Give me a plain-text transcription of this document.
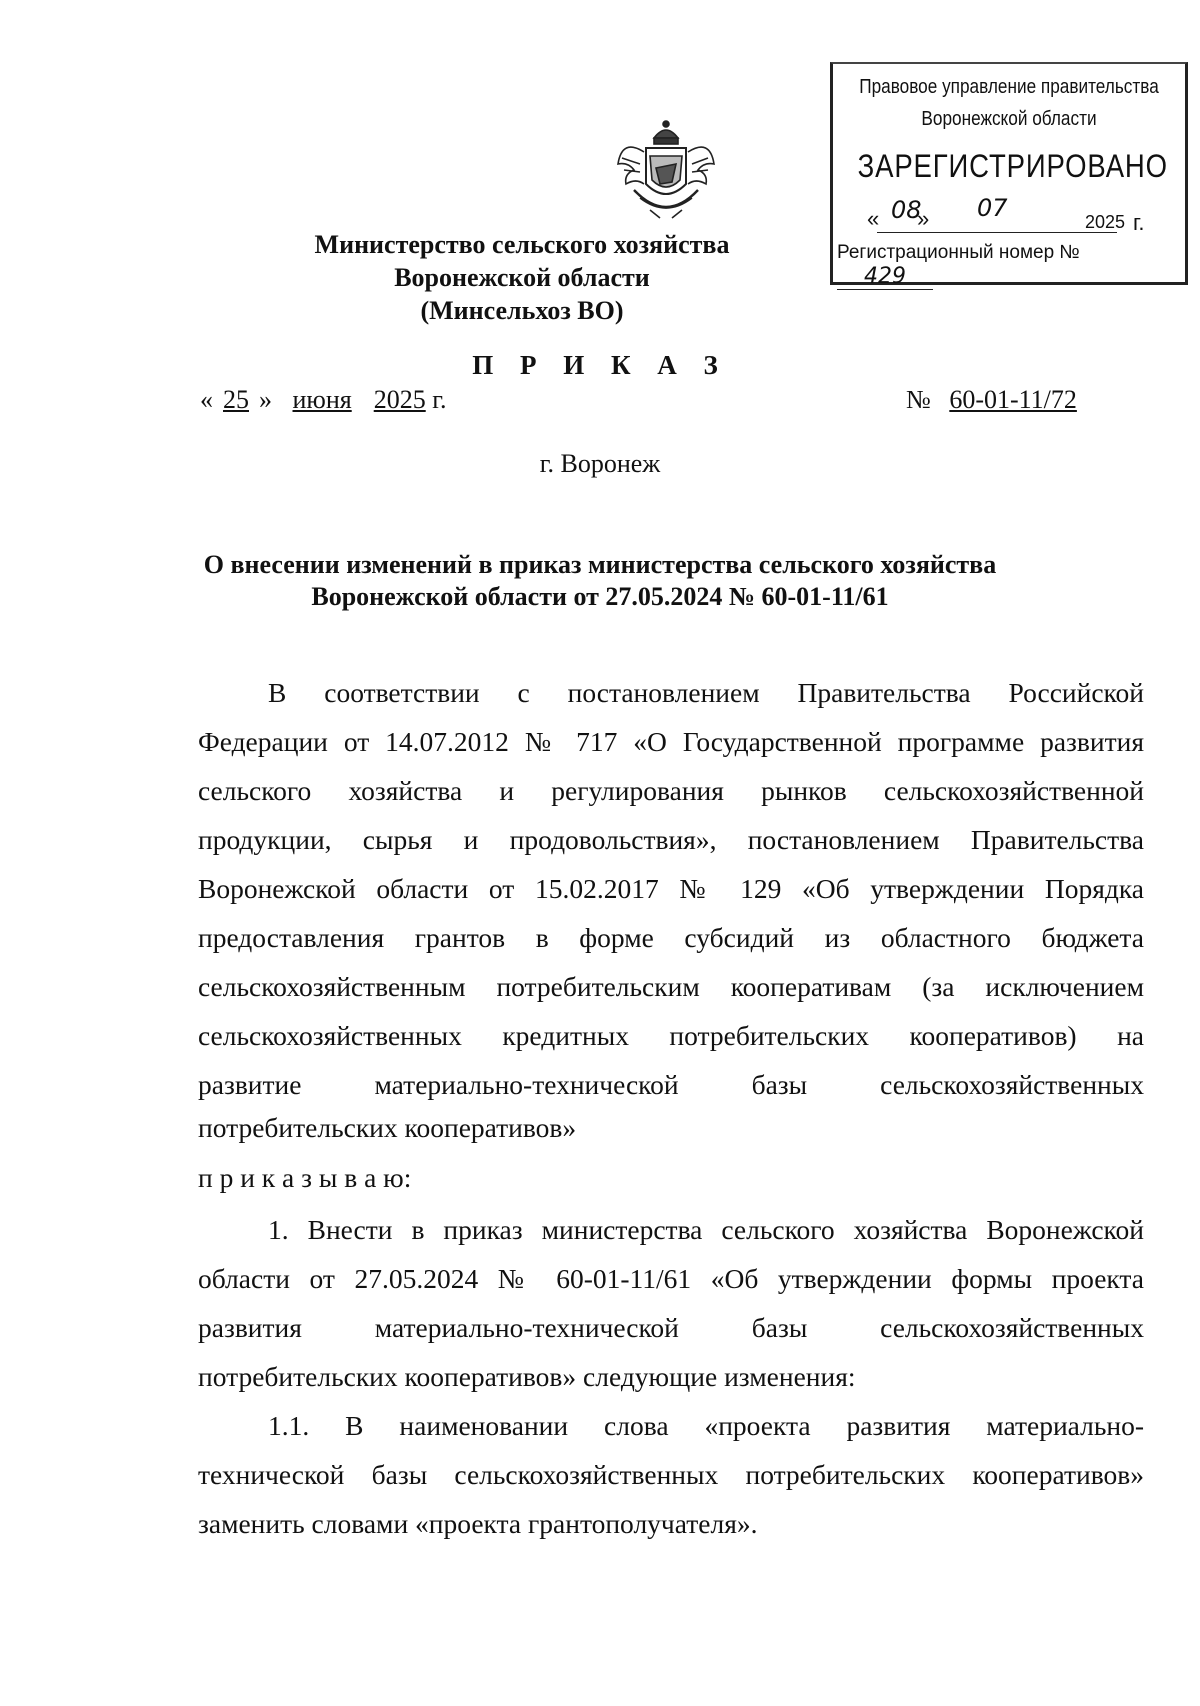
Министерство сельского хозяйства
Воронежской области
(Минсельхоз ВО)
Правовое управление правительства
Воронежской области
ЗАРЕГИСТРИРОВАНО
« 08
» 07	2025 г.
Регистрационный номер № 429
П Р И К А З
« 25 » июня 2025 г.	№ 60-01-11/72
г. Воронеж
О внесении изменений в приказ министерства сельского хозяйства
Воронежской области от 27.05.2024 № 60-01-11/61
В соответствии с постановлением Правительства Российской
Федерации от 14.07.2012 № 717 «О Государственной программе развития
сельского хозяйства и регулирования рынков сельскохозяйственной
продукции, сырья и продовольствия», постановлением Правительства
Воронежской области от 15.02.2017 № 129 «Об утверждении Порядка
предоставления грантов в форме субсидий из областного бюджета
сельскохозяйственным потребительским кооперативам (за исключением
сельскохозяйственных кредитных потребительских кооперативов) на
развитие материально-технической базы сельскохозяйственных
потребительских кооперативов»
п р и к а з ы в а ю:
1. Внести в приказ министерства сельского хозяйства Воронежской
области от 27.05.2024 № 60-01-11/61 «Об утверждении формы проекта
развития материально-технической базы сельскохозяйственных
потребительских кооперативов» следующие изменения:
1.1. В наименовании слова «проекта развития материально-
технической базы сельскохозяйственных потребительских кооперативов»
заменить словами «проекта грантополучателя».
